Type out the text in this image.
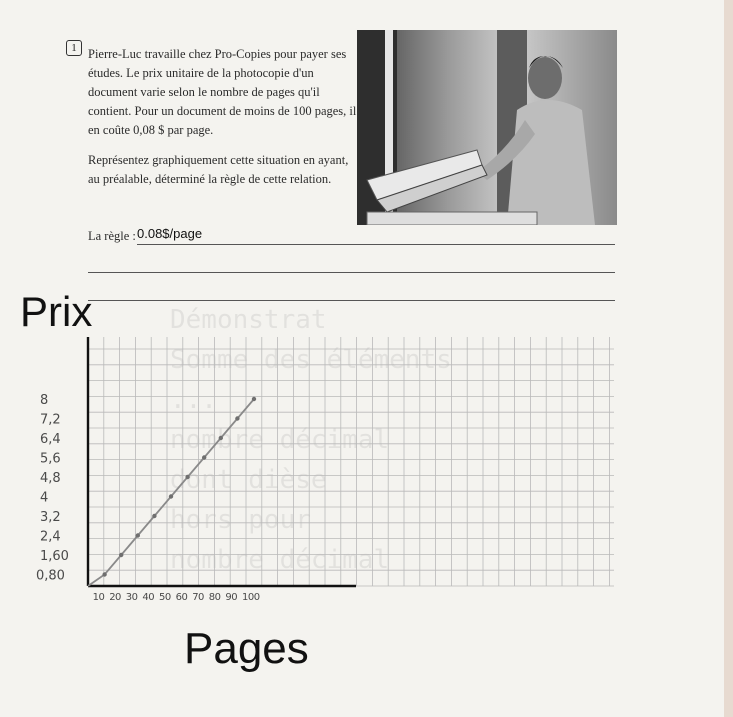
Démonstrat
Somme des éléments
...
nombre décimal
dont dièse
hors pour
nombre décimal
1 Pierre-Luc travaille chez Pro-Copies pour payer ses études. Le prix unitaire de la photocopie d'un document varie selon le nombre de pages qu'il contient. Pour un document de moins de 100 pages, il en coûte 0,08 $ par page.
Représentez graphiquement cette situation en ayant, au préalable, déterminé la règle de cette relation.
La règle : 0.08$/page
Prix
Pages
0,80
1,60
2,4
3,2
4
4,8
5,6
6,4
7,2
8
10 20 30 40 50 60 70 80 90 100
